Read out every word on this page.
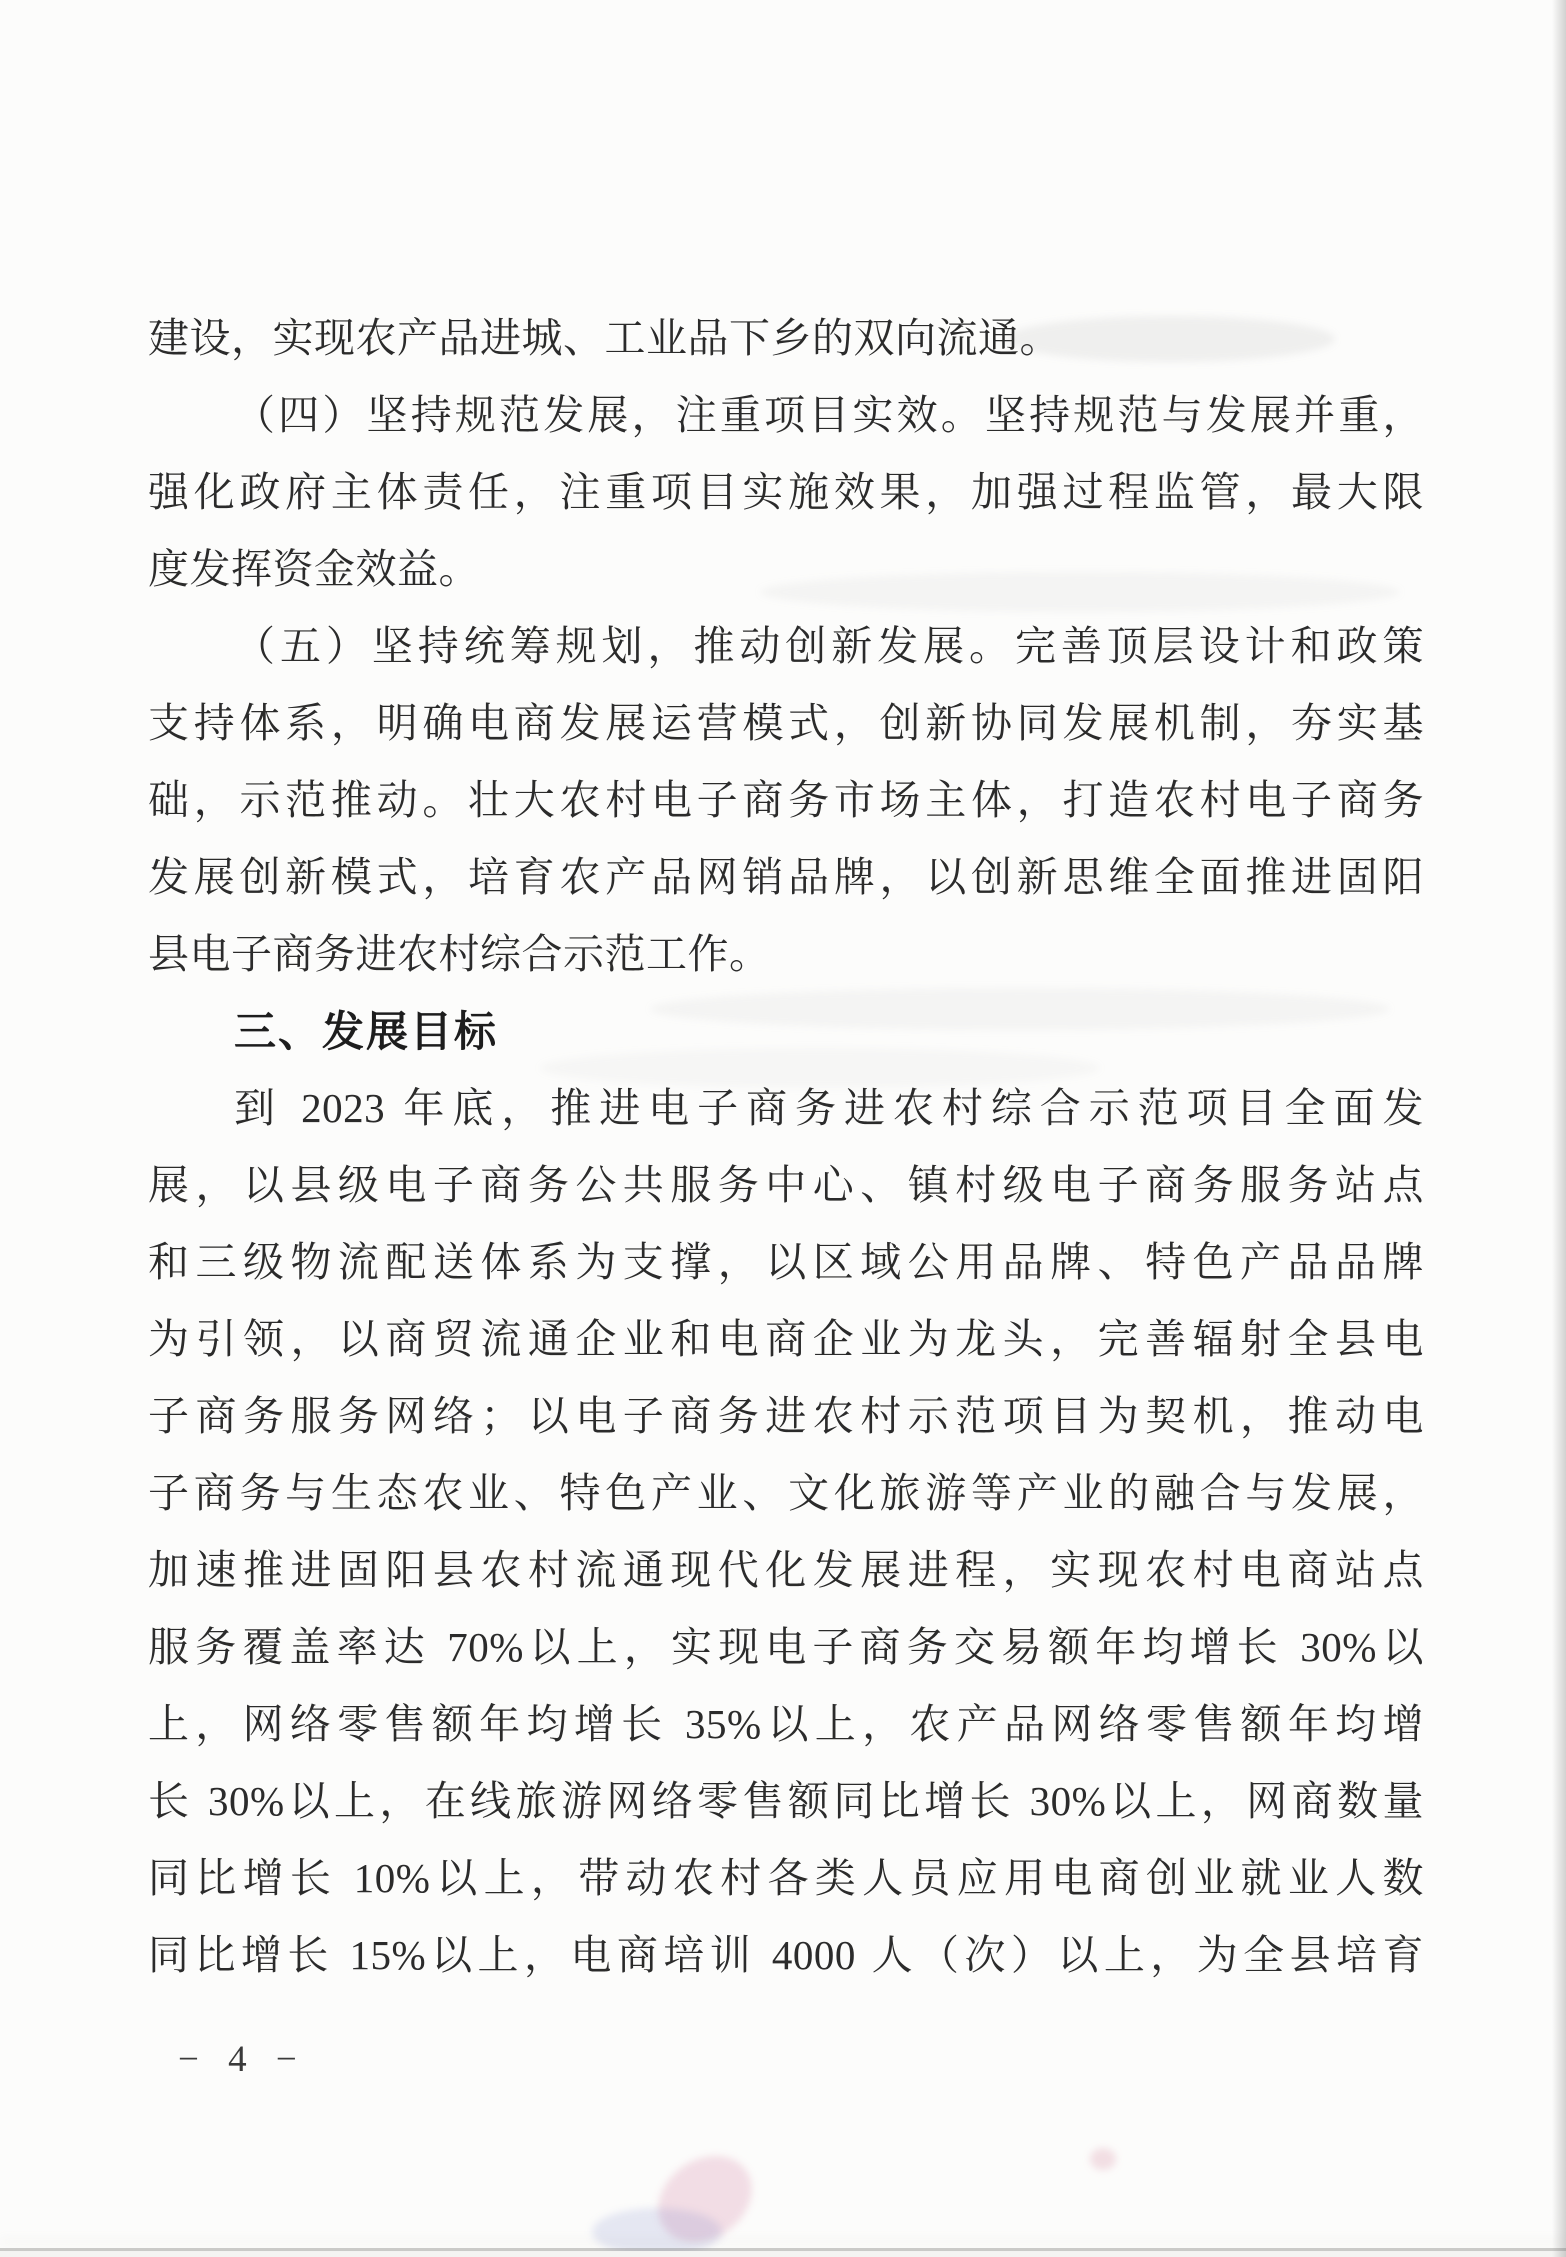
建设，实现农产品进城、工业品下乡的双向流通。
（四）坚持规范发展，注重项目实效。坚持规范与发展并重，
强化政府主体责任，注重项目实施效果，加强过程监管，最大限
度发挥资金效益。
（五）坚持统筹规划，推动创新发展。完善顶层设计和政策
支持体系，明确电商发展运营模式，创新协同发展机制，夯实基
础，示范推动。壮大农村电子商务市场主体，打造农村电子商务
发展创新模式，培育农产品网销品牌，以创新思维全面推进固阳
县电子商务进农村综合示范工作。
三、发展目标
到 2023 年底，推进电子商务进农村综合示范项目全面发
展，以县级电子商务公共服务中心、镇村级电子商务服务站点
和三级物流配送体系为支撑，以区域公用品牌、特色产品品牌
为引领，以商贸流通企业和电商企业为龙头，完善辐射全县电
子商务服务网络；以电子商务进农村示范项目为契机，推动电
子商务与生态农业、特色产业、文化旅游等产业的融合与发展，
加速推进固阳县农村流通现代化发展进程，实现农村电商站点
服务覆盖率达 70%以上，实现电子商务交易额年均增长 30%以
上，网络零售额年均增长 35%以上，农产品网络零售额年均增
长 30%以上，在线旅游网络零售额同比增长 30%以上，网商数量
同比增长 10%以上，带动农村各类人员应用电商创业就业人数
同比增长 15%以上，电商培训 4000 人（次）以上，为全县培育
− 4 −
